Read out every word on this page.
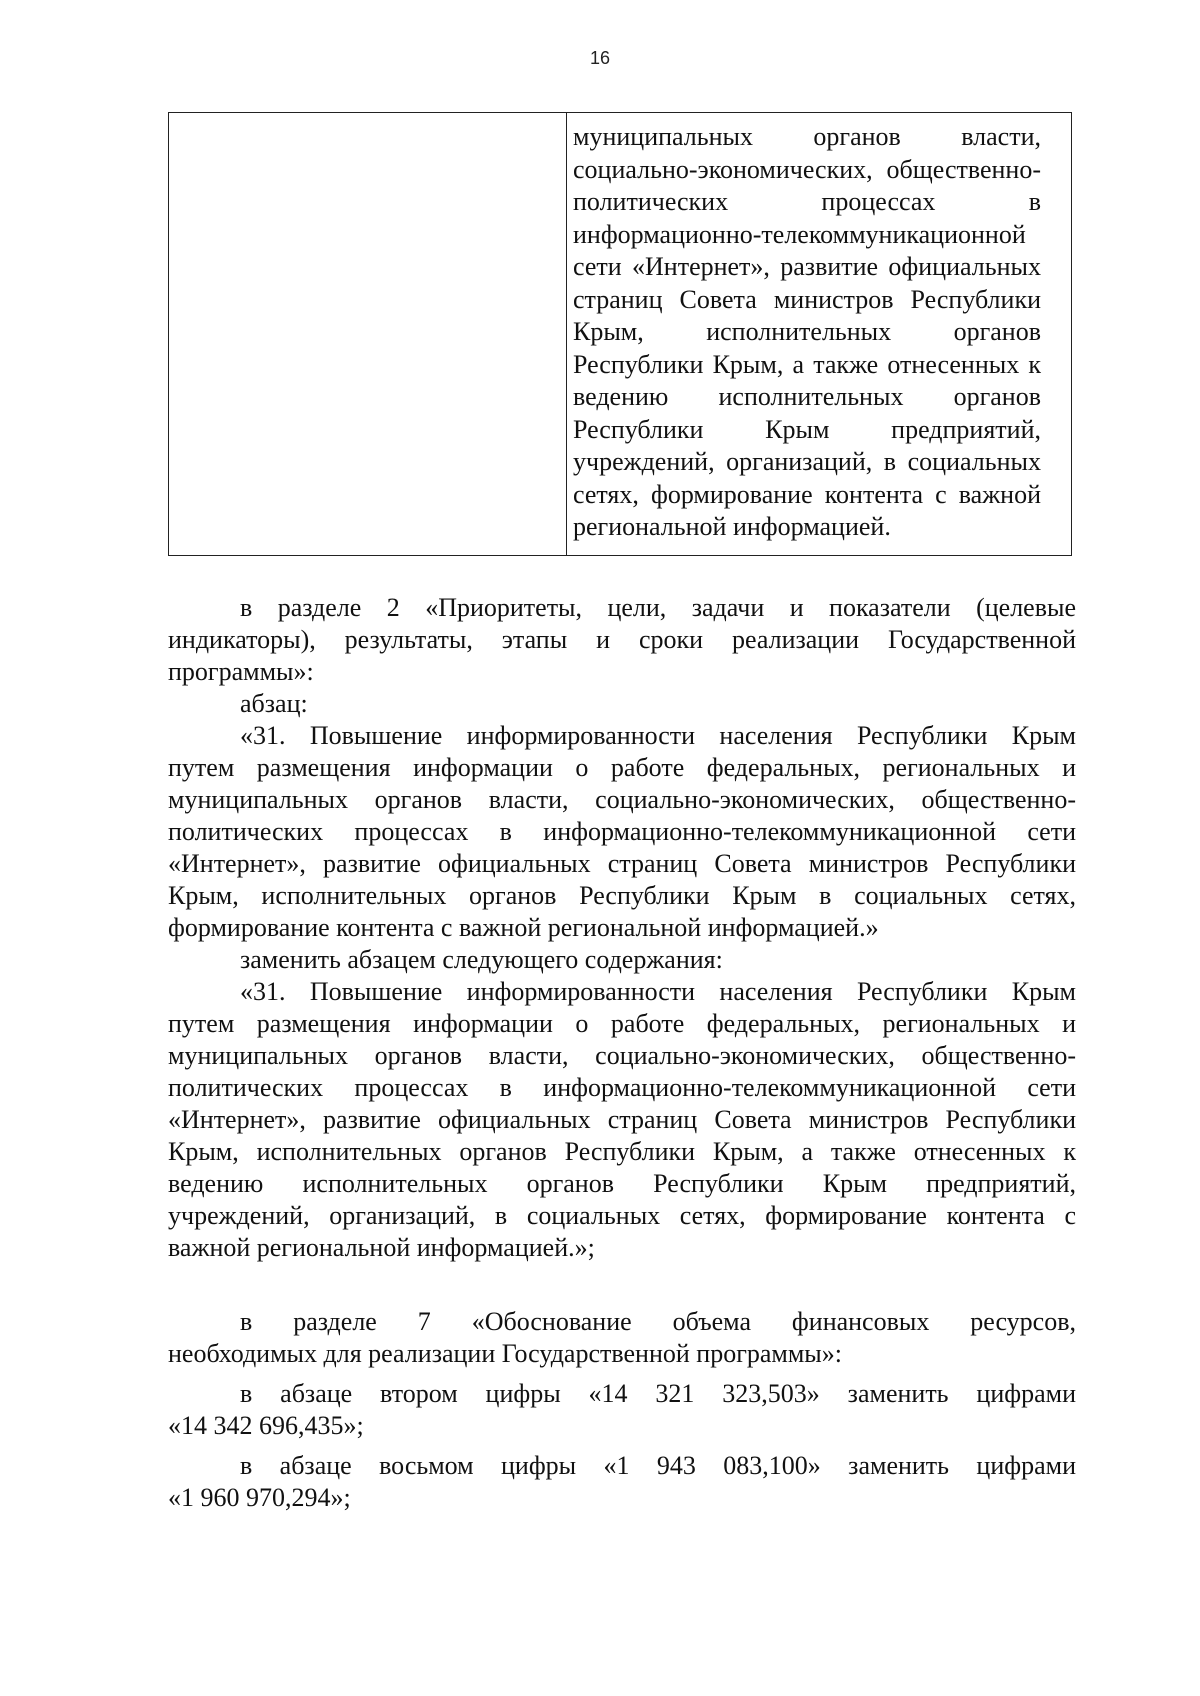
16
муниципальных органов власти,
социально-экономических, общественно-
политических процессах в
информационно-телекоммуникационной
сети «Интернет», развитие официальных
страниц Совета министров Республики
Крым, исполнительных органов
Республики Крым, а также отнесенных к
ведению исполнительных органов
Республики Крым предприятий,
учреждений, организаций, в социальных
сетях, формирование контента с важной
региональной информацией.
в разделе 2 «Приоритеты, цели, задачи и показатели (целевые
индикаторы), результаты, этапы и сроки реализации Государственной
программы»:
абзац:
«31. Повышение информированности населения Республики Крым
путем размещения информации о работе федеральных, региональных и
муниципальных органов власти, социально-экономических, общественно-
политических процессах в информационно-телекоммуникационной сети
«Интернет», развитие официальных страниц Совета министров Республики
Крым, исполнительных органов Республики Крым в социальных сетях,
формирование контента с важной региональной информацией.»
заменить абзацем следующего содержания:
«31. Повышение информированности населения Республики Крым
путем размещения информации о работе федеральных, региональных и
муниципальных органов власти, социально-экономических, общественно-
политических процессах в информационно-телекоммуникационной сети
«Интернет», развитие официальных страниц Совета министров Республики
Крым, исполнительных органов Республики Крым, а также отнесенных к
ведению исполнительных органов Республики Крым предприятий,
учреждений, организаций, в социальных сетях, формирование контента с
важной региональной информацией.»;
в разделе 7 «Обоснование объема финансовых ресурсов,
необходимых для реализации Государственной программы»:
в абзаце втором цифры «14 321 323,503» заменить цифрами
«14 342 696,435»;
в абзаце восьмом цифры «1 943 083,100» заменить цифрами
«1 960 970,294»;
